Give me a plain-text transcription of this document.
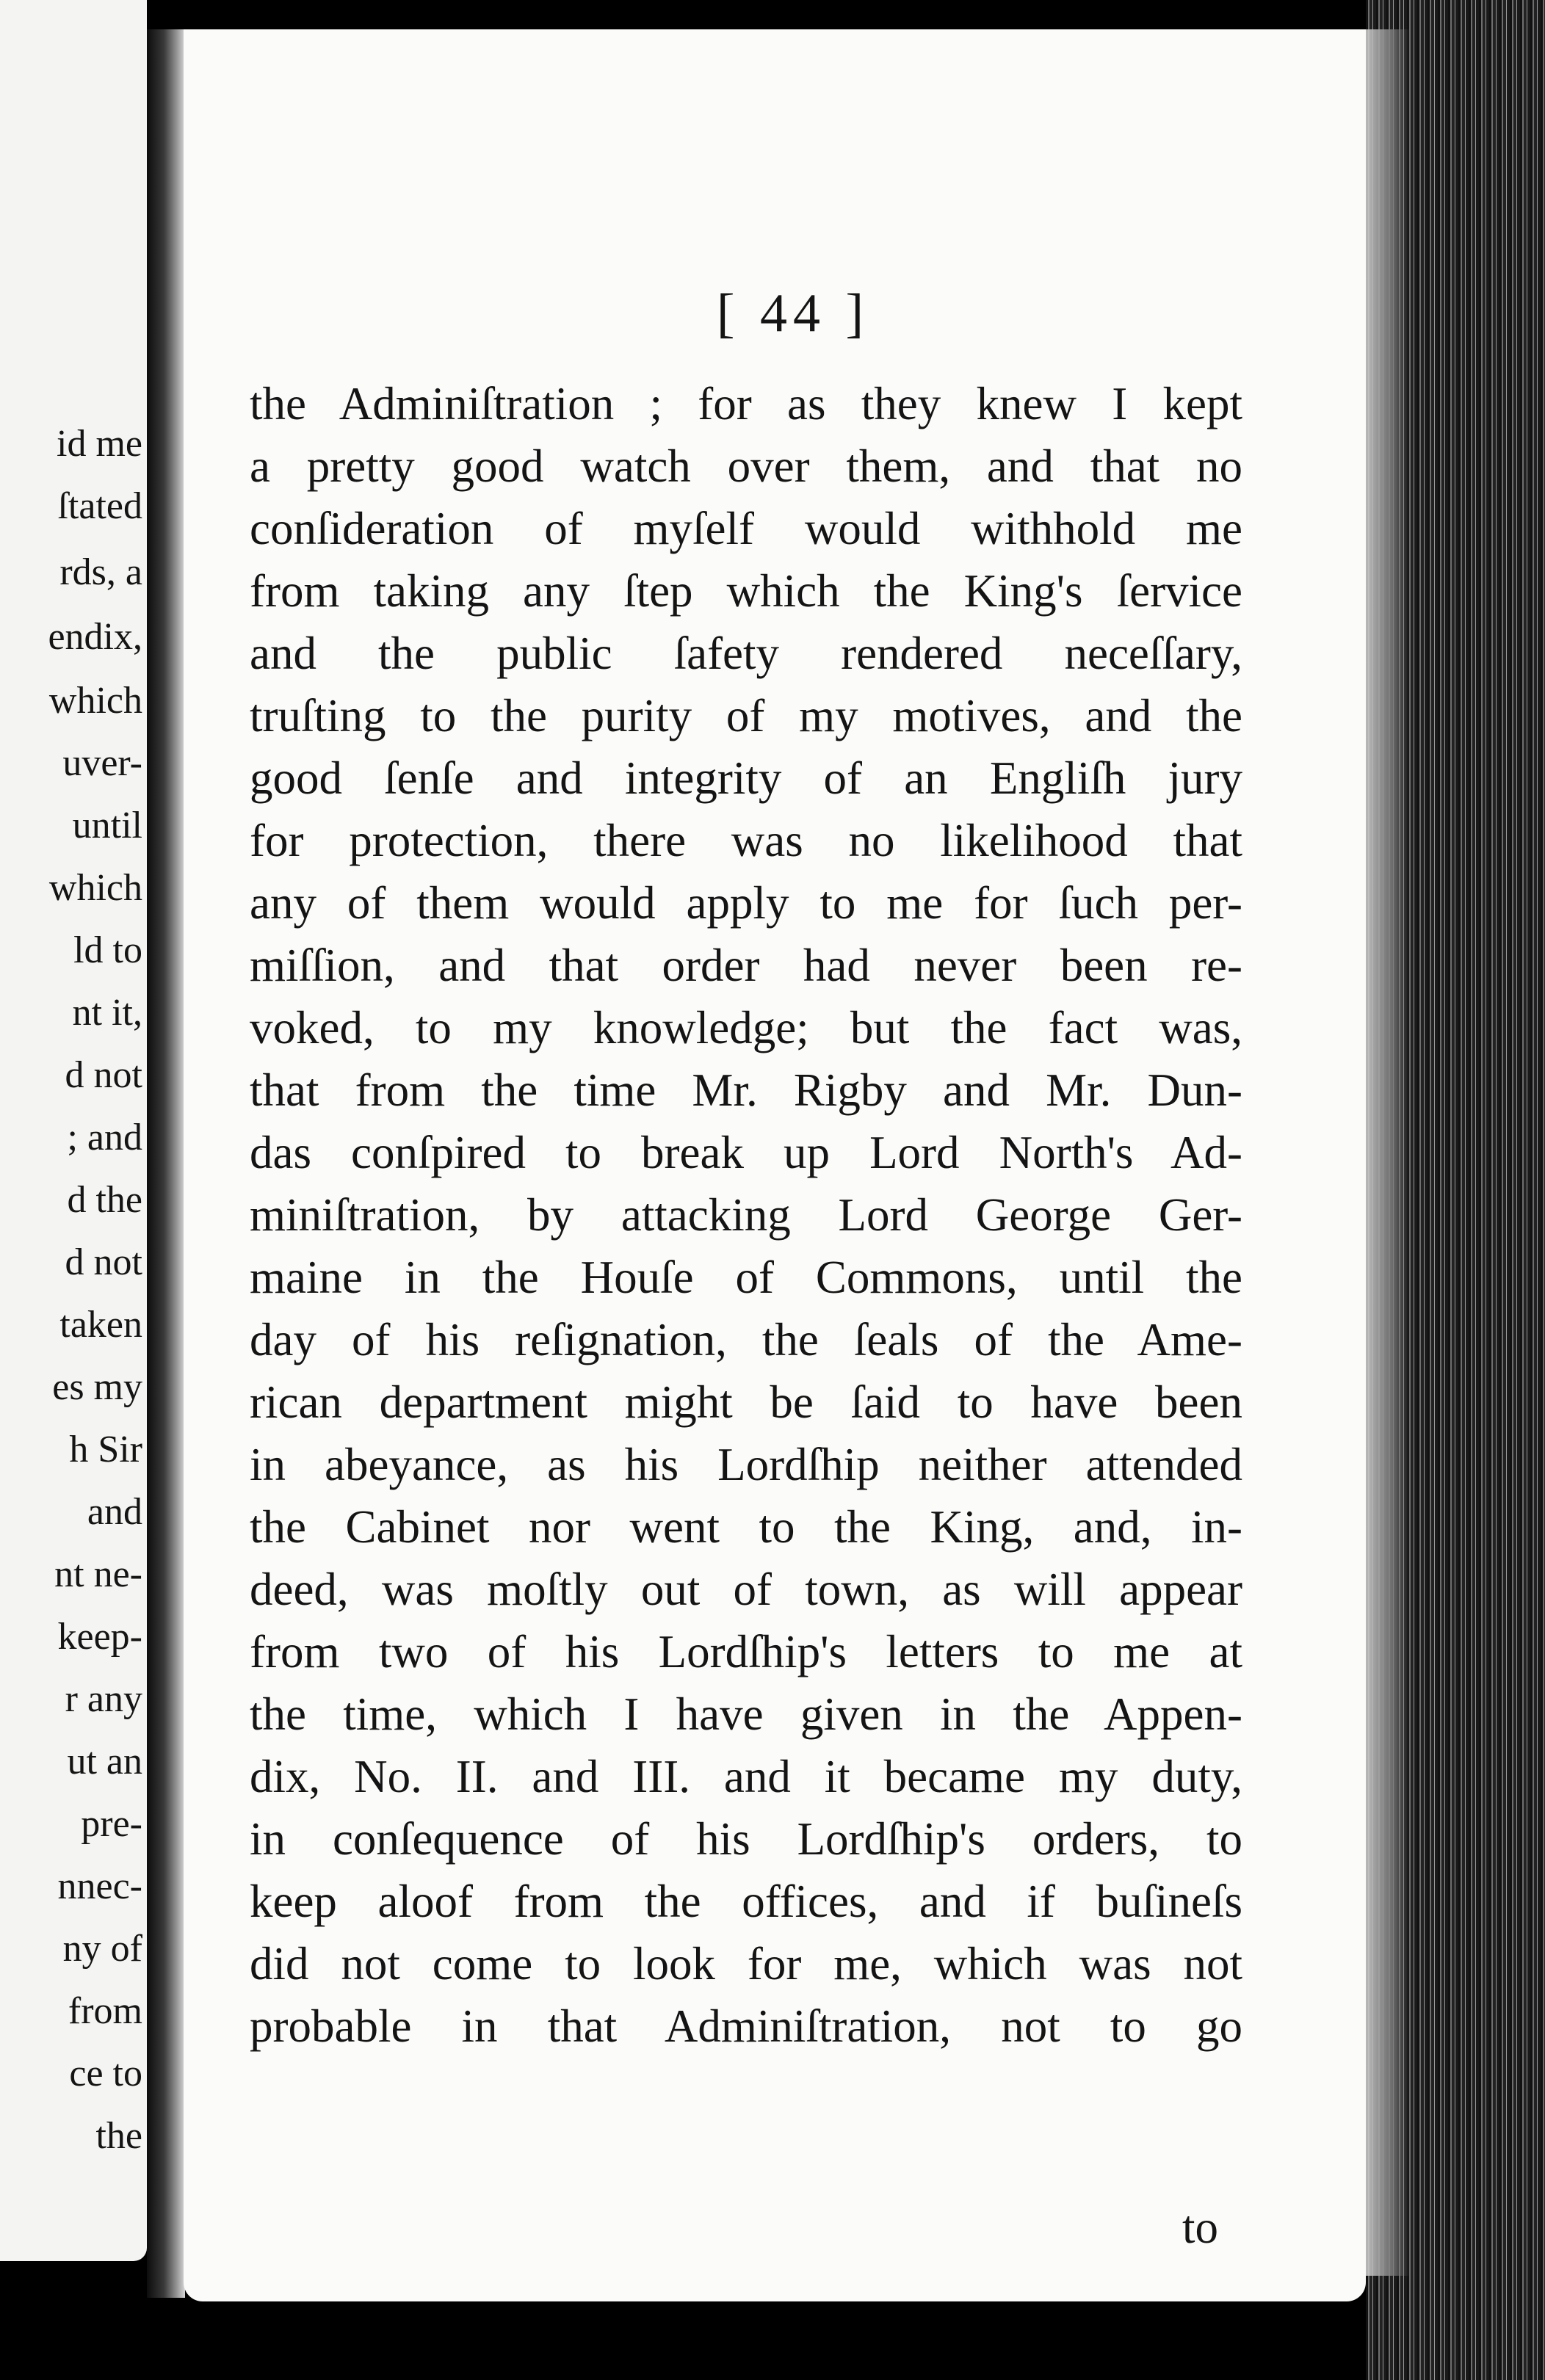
id me
ſtated
rds, a
endix,
which
uver-
until
which
ld to
nt it,
d not
; and
d the
d not
taken
es my
h Sir
and
nt ne-
keep-
r any
ut an
pre-
nnec-
ny of
from
ce to
the
[ 44 ]
the Adminiſtration ; for as they knew I kept
a pretty good watch over them, and that no
conſideration of myſelf would withhold me
from taking any ſtep which the King's ſervice
and the public ſafety rendered neceſſary,
truſting to the purity of my motives, and the
good ſenſe and integrity of an Engliſh jury
for protection, there was no likelihood that
any of them would apply to me for ſuch per-
miſſion, and that order had never been re-
voked, to my knowledge; but the fact was,
that from the time Mr. Rigby and Mr. Dun-
das conſpired to break up Lord North's Ad-
miniſtration, by attacking Lord George Ger-
maine in the Houſe of Commons, until the
day of his reſignation, the ſeals of the Ame-
rican department might be ſaid to have been
in abeyance, as his Lordſhip neither attended
the Cabinet nor went to the King, and, in-
deed, was moſtly out of town, as will appear
from two of his Lordſhip's letters to me at
the time, which I have given in the Appen-
dix, No. II. and III. and it became my duty,
in conſequence of his Lordſhip's orders, to
keep aloof from the offices, and if buſineſs
did not come to look for me, which was not
probable in that Adminiſtration, not to go
to
